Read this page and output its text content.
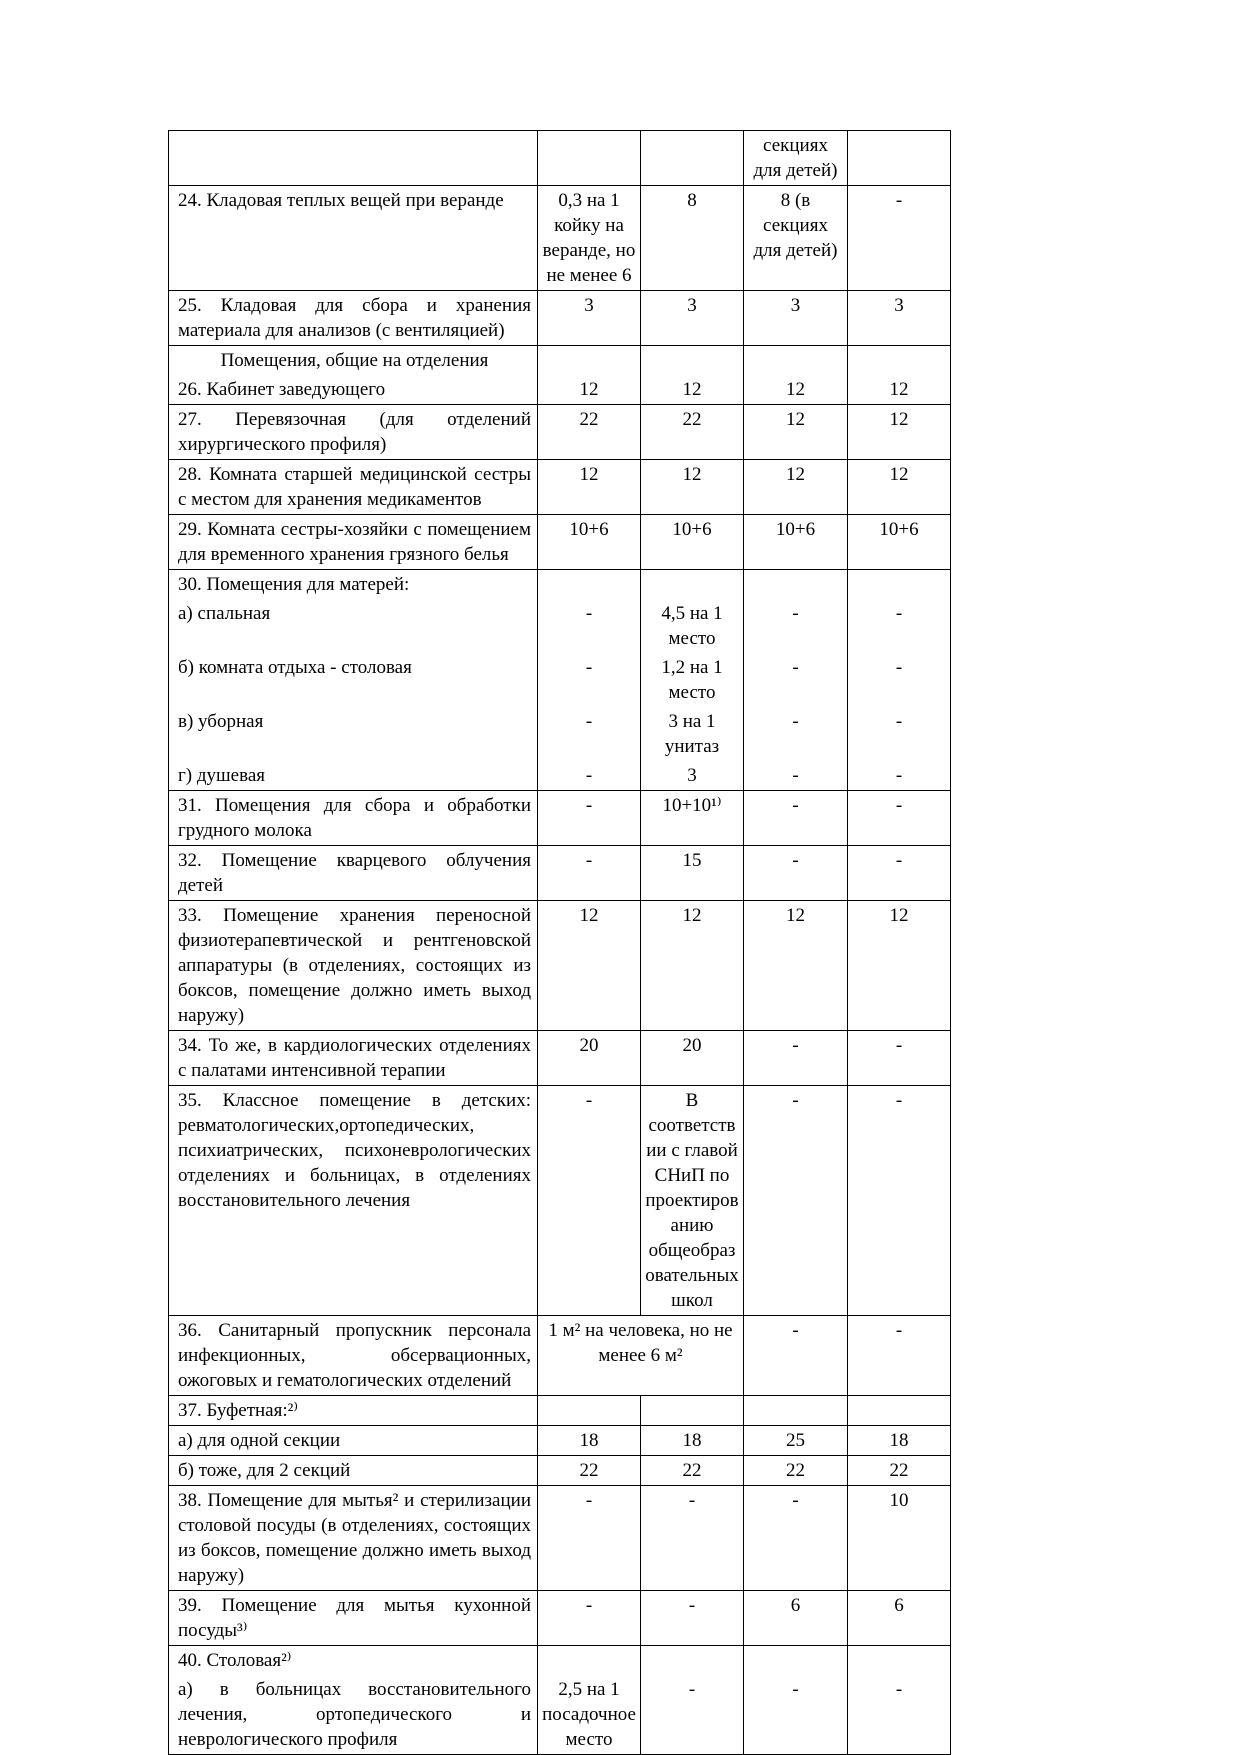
			секциях для детей)	
24. Кладовая теплых вещей при веранде	0,3 на 1 койку на веранде, но не менее 6	8	8 (в секциях для детей)	-
25. Кладовая для сбора и хранения материала для анализов (с вентиляцией)	3	3	3	3
Помещения, общие на отделения				
26. Кабинет заведующего	12	12	12	12
27. Перевязочная (для отделений хирургического профиля)	22	22	12	12
28. Комната старшей медицинской сестры с местом для хранения медикаментов	12	12	12	12
29. Комната сестры-хозяйки с помещением для временного хранения грязного белья	10+6	10+6	10+6	10+6
30. Помещения для матерей:				
а) спальная	-	4,5 на 1 место	-	-
б) комната отдыха - столовая	-	1,2 на 1 место	-	-
в) уборная	-	3 на 1 унитаз	-	-
г) душевая	-	3	-	-
31. Помещения для сбора и обработки грудного молока	-	10+10¹⁾	-	-
32. Помещение кварцевого облучения детей	-	15	-	-
33. Помещение хранения переносной физиотерапевтической и рентгеновской аппаратуры (в отделениях, состоящих из боксов, помещение должно иметь выход наружу)	12	12	12	12
34. То же, в кардиологических отделениях с палатами интенсивной терапии	20	20	-	-
35. Классное помещение в детских: ревматологических,ортопедических, психиатрических, психоневрологических отделениях и больницах, в отделениях восстановительного лечения	-	В соответствии с главой СНиП по проектированию общеобразовательных школ	-	-
36. Санитарный пропускник персонала инфекционных, обсервационных, ожоговых и гематологических отделений	1 м² на человека, но не менее 6 м²		-	-
37. Буфетная:²⁾				
а) для одной секции	18	18	25	18
б) тоже, для 2 секций	22	22	22	22
38. Помещение для мытья² и стерилизации столовой посуды (в отделениях, состоящих из боксов, помещение должно иметь выход наружу)	-	-	-	10
39. Помещение для мытья кухонной посуды³⁾	-	-	6	6
40. Столовая²⁾				
а) в больницах восстановительного лечения, ортопедического и неврологического профиля	2,5 на 1 посадочное место	-	-	-
